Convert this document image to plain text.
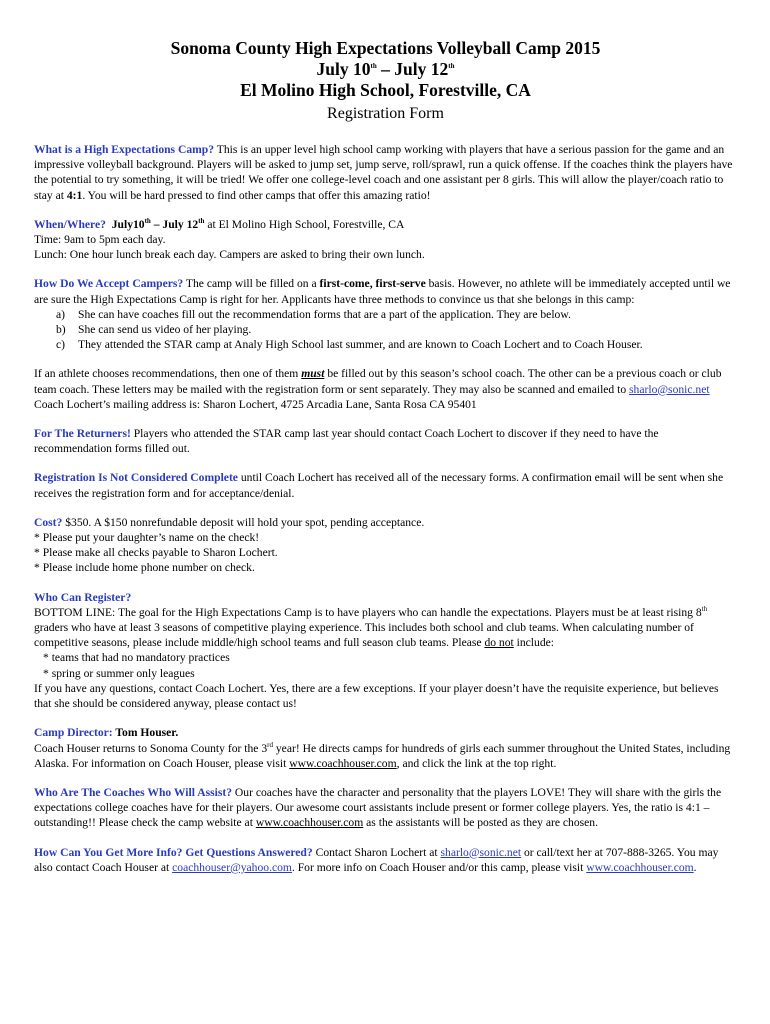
Sonoma County High Expectations Volleyball Camp 2015
July 10th – July 12th
El Molino High School, Forestville, CA
Registration Form

What is a High Expectations Camp? This is an upper level high school camp working with players that have a serious passion for the game and an impressive volleyball background. Players will be asked to jump set, jump serve, roll/sprawl, run a quick offense. If the coaches think the players have the potential to try something, it will be tried! We offer one college-level coach and one assistant per 8 girls. This will allow the player/coach ratio to stay at 4:1. You will be hard pressed to find other camps that offer this amazing ratio!

When/Where? July10th – July 12th at El Molino High School, Forestville, CA
Time: 9am to 5pm each day.
Lunch: One hour lunch break each day. Campers are asked to bring their own lunch.

How Do We Accept Campers? The camp will be filled on a first-come, first-serve basis. However, no athlete will be immediately accepted until we are sure the High Expectations Camp is right for her. Applicants have three methods to convince us that she belongs in this camp:

a) She can have coaches fill out the recommendation forms that are a part of the application. They are below.
b) She can send us video of her playing.
c) They attended the STAR camp at Analy High School last summer, and are known to Coach Lochert and to Coach Houser.

If an athlete chooses recommendations, then one of them must be filled out by this season’s school coach. The other can be a previous coach or club team coach. These letters may be mailed with the registration form or sent separately. They may also be scanned and emailed to sharlo@sonic.net Coach Lochert’s mailing address is: Sharon Lochert, 4725 Arcadia Lane, Santa Rosa CA 95401

For The Returners! Players who attended the STAR camp last year should contact Coach Lochert to discover if they need to have the recommendation forms filled out.

Registration Is Not Considered Complete until Coach Lochert has received all of the necessary forms. A confirmation email will be sent when she receives the registration form and for acceptance/denial.

Cost? $350. A $150 nonrefundable deposit will hold your spot, pending acceptance.
* Please put your daughter’s name on the check!
* Please make all checks payable to Sharon Lochert.
* Please include home phone number on check.
Who Can Register?

BOTTOM LINE: The goal for the High Expectations Camp is to have players who can handle the expectations. Players must be at least rising 8th graders who have at least 3 seasons of competitive playing experience. This includes both school and club teams. When calculating number of competitive seasons, please include middle/high school teams and full season club teams. Please do not include:

* teams that had no mandatory practices
* spring or summer only leagues

If you have any questions, contact Coach Lochert. Yes, there are a few exceptions. If your player doesn’t have the requisite experience, but believes that she should be considered anyway, please contact us!

Camp Director: Tom Houser.

Coach Houser returns to Sonoma County for the 3rd year! He directs camps for hundreds of girls each summer throughout the United States, including Alaska. For information on Coach Houser, please visit www.coachhouser.com, and click the link at the top right.

Who Are The Coaches Who Will Assist? Our coaches have the character and personality that the players LOVE! They will share with the girls the expectations college coaches have for their players. Our awesome court assistants include present or former college players. Yes, the ratio is 4:1 – outstanding!! Please check the camp website at www.coachhouser.com as the assistants will be posted as they are chosen.

How Can You Get More Info? Get Questions Answered? Contact Sharon Lochert at sharlo@sonic.net or call/text her at 707-888-3265. You may also contact Coach Houser at coachhouser@yahoo.com. For more info on Coach Houser and/or this camp, please visit www.coachhouser.com.
